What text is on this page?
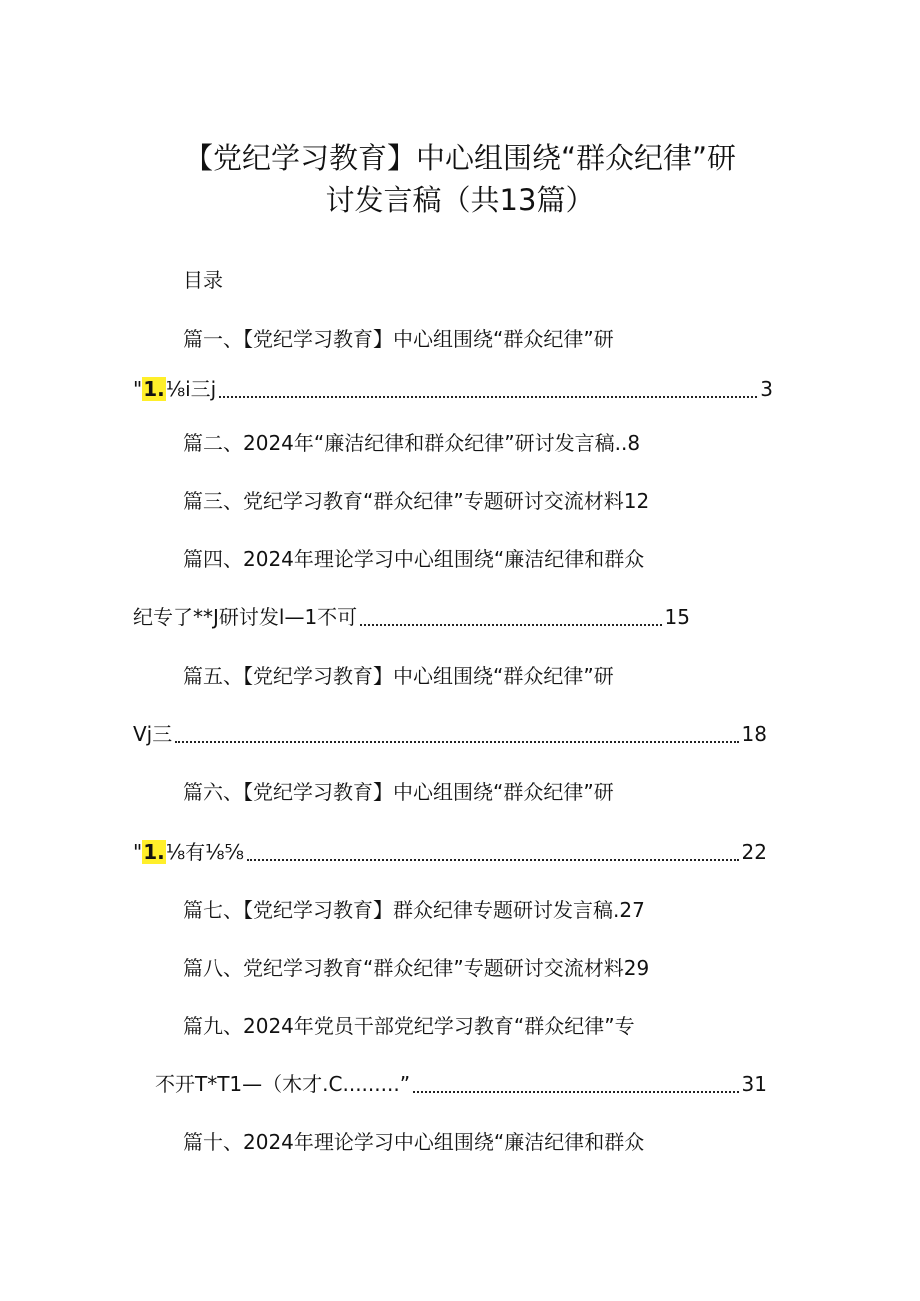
【党纪学习教育】中心组围绕“群众纪律”研
讨发言稿（共13篇）
目录
篇一、【党纪学习教育】中心组围绕“群众纪律”研
"1.⅛i三j	3
篇二、2024年“廉洁纪律和群众纪律”研讨发言稿..8
篇三、党纪学习教育“群众纪律”专题研讨交流材料12
篇四、2024年理论学习中心组围绕“廉洁纪律和群众
纪专了**J研讨发l—1不可	15
篇五、【党纪学习教育】中心组围绕“群众纪律”研
Vj三	18
篇六、【党纪学习教育】中心组围绕“群众纪律”研
"1.⅛有⅛⅝	22
篇七、【党纪学习教育】群众纪律专题研讨发言稿.27
篇八、党纪学习教育“群众纪律”专题研讨交流材料29
篇九、2024年党员干部党纪学习教育“群众纪律”专
不开T*T1—（木才.C.........”	31
篇十、2024年理论学习中心组围绕“廉洁纪律和群众
